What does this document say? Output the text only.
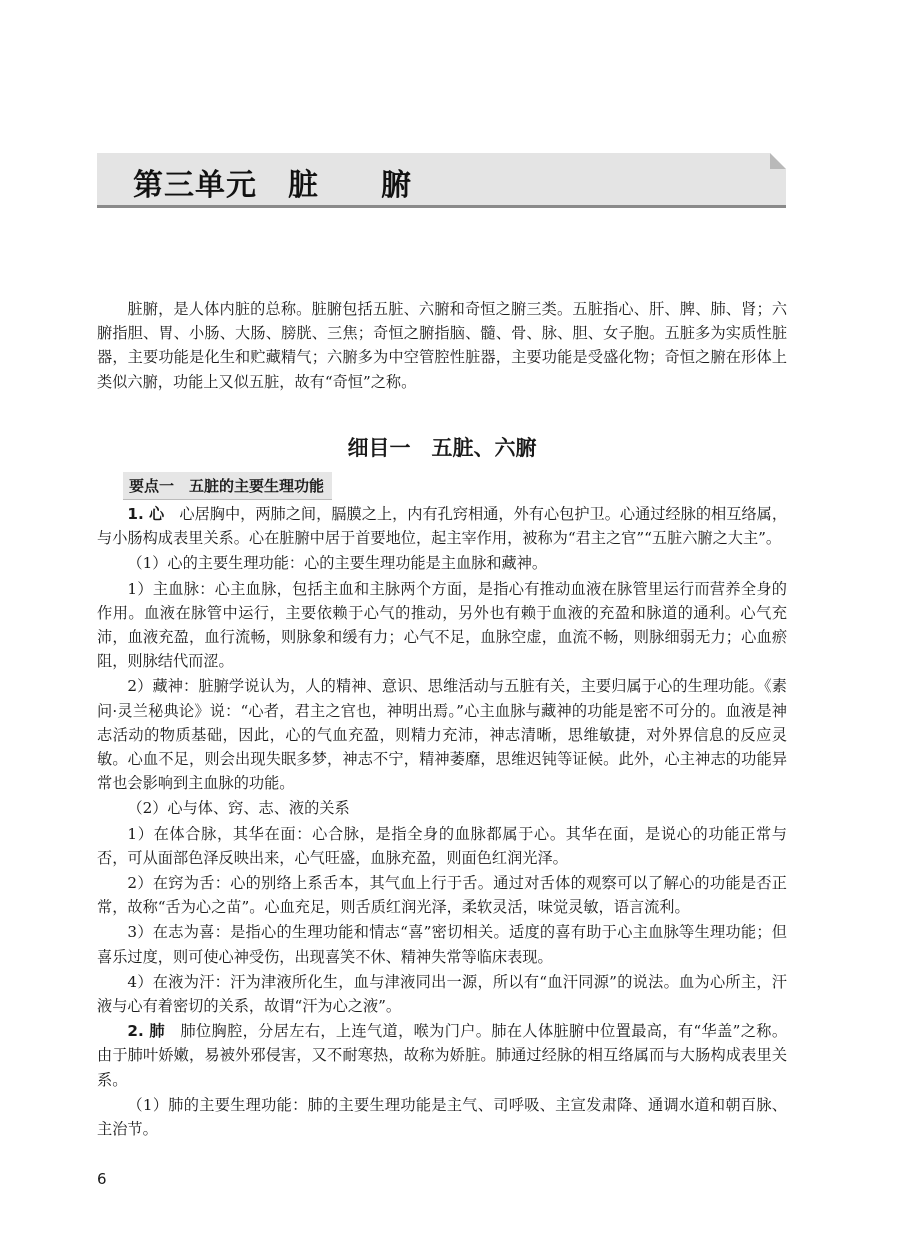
第三单元　脏　　腑

脏腑，是人体内脏的总称。脏腑包括五脏、六腑和奇恒之腑三类。五脏指心、肝、脾、肺、肾；六腑指胆、胃、小肠、大肠、膀胱、三焦；奇恒之腑指脑、髓、骨、脉、胆、女子胞。五脏多为实质性脏器，主要功能是化生和贮藏精气；六腑多为中空管腔性脏器，主要功能是受盛化物；奇恒之腑在形体上类似六腑，功能上又似五脏，故有“奇恒”之称。

细目一　五脏、六腑
要点一　五脏的主要生理功能

1. 心　心居胸中，两肺之间，膈膜之上，内有孔窍相通，外有心包护卫。心通过经脉的相互络属，与小肠构成表里关系。心在脏腑中居于首要地位，起主宰作用，被称为“君主之官”“五脏六腑之大主”。

（1）心的主要生理功能：心的主要生理功能是主血脉和藏神。

1）主血脉：心主血脉，包括主血和主脉两个方面，是指心有推动血液在脉管里运行而营养全身的作用。血液在脉管中运行，主要依赖于心气的推动，另外也有赖于血液的充盈和脉道的通利。心气充沛，血液充盈，血行流畅，则脉象和缓有力；心气不足，血脉空虚，血流不畅，则脉细弱无力；心血瘀阻，则脉结代而涩。

2）藏神：脏腑学说认为，人的精神、意识、思维活动与五脏有关，主要归属于心的生理功能。《素问·灵兰秘典论》说：“心者，君主之官也，神明出焉。”心主血脉与藏神的功能是密不可分的。血液是神志活动的物质基础，因此，心的气血充盈，则精力充沛，神志清晰，思维敏捷，对外界信息的反应灵敏。心血不足，则会出现失眠多梦，神志不宁，精神萎靡，思维迟钝等证候。此外，心主神志的功能异常也会影响到主血脉的功能。

（2）心与体、窍、志、液的关系

1）在体合脉，其华在面：心合脉，是指全身的血脉都属于心。其华在面，是说心的功能正常与否，可从面部色泽反映出来，心气旺盛，血脉充盈，则面色红润光泽。

2）在窍为舌：心的别络上系舌本，其气血上行于舌。通过对舌体的观察可以了解心的功能是否正常，故称“舌为心之苗”。心血充足，则舌质红润光泽，柔软灵活，味觉灵敏，语言流利。

3）在志为喜：是指心的生理功能和情志“喜”密切相关。适度的喜有助于心主血脉等生理功能；但喜乐过度，则可使心神受伤，出现喜笑不休、精神失常等临床表现。

4）在液为汗：汗为津液所化生，血与津液同出一源，所以有“血汗同源”的说法。血为心所主，汗液与心有着密切的关系，故谓“汗为心之液”。

2. 肺　肺位胸腔，分居左右，上连气道，喉为门户。肺在人体脏腑中位置最高，有“华盖”之称。由于肺叶娇嫩，易被外邪侵害，又不耐寒热，故称为娇脏。肺通过经脉的相互络属而与大肠构成表里关系。

（1）肺的主要生理功能：肺的主要生理功能是主气、司呼吸、主宣发肃降、通调水道和朝百脉、主治节。

6
